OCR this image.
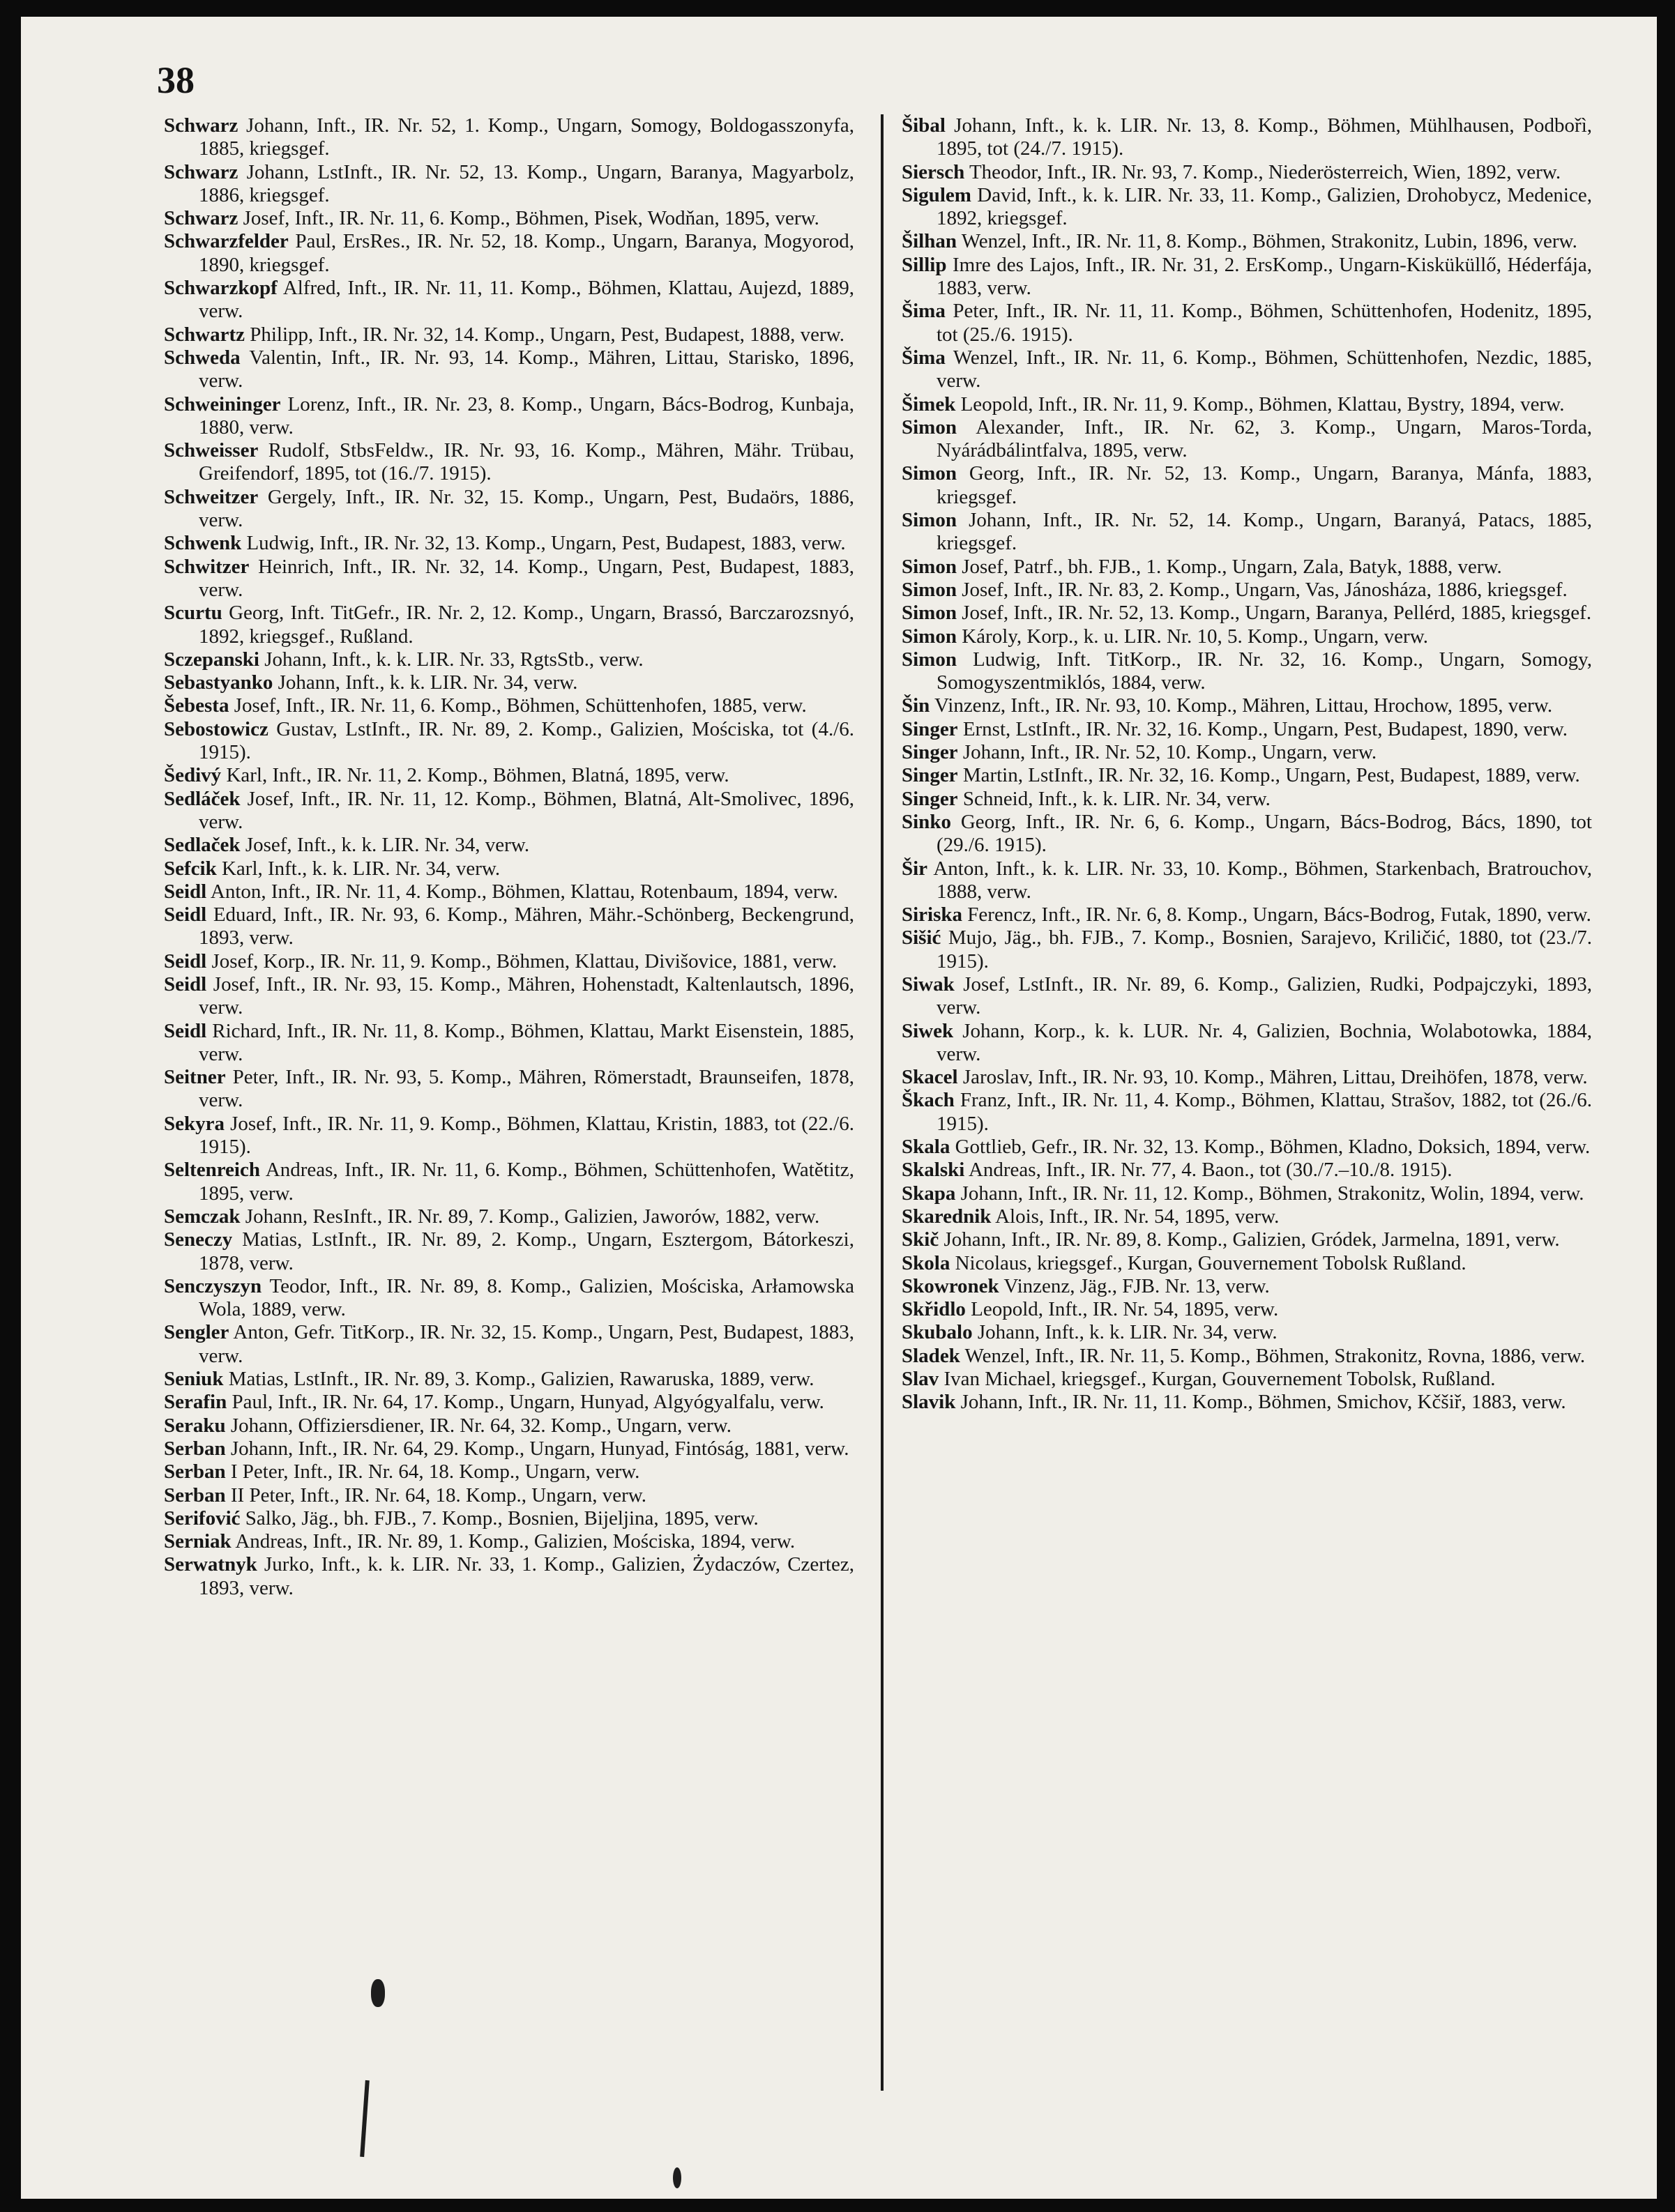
38
Schwarz Johann, Inft., IR. Nr. 52, 1. Komp., Ungarn, Somogy, Boldogasszonyfa, 1885, kriegsgef.
Schwarz Johann, LstInft., IR. Nr. 52, 13. Komp., Ungarn, Baranya, Magyarbolz, 1886, kriegsgef.
Schwarz Josef, Inft., IR. Nr. 11, 6. Komp., Böhmen, Pisek, Wodňan, 1895, verw.
Schwarzfelder Paul, ErsRes., IR. Nr. 52, 18. Komp., Ungarn, Baranya, Mogyorod, 1890, kriegsgef.
Schwarzkopf Alfred, Inft., IR. Nr. 11, 11. Komp., Böhmen, Klattau, Aujezd, 1889, verw.
Schwartz Philipp, Inft., IR. Nr. 32, 14. Komp., Ungarn, Pest, Budapest, 1888, verw.
Schweda Valentin, Inft., IR. Nr. 93, 14. Komp., Mähren, Littau, Starisko, 1896, verw.
Schweininger Lorenz, Inft., IR. Nr. 23, 8. Komp., Ungarn, Bács-Bodrog, Kunbaja, 1880, verw.
Schweisser Rudolf, StbsFeldw., IR. Nr. 93, 16. Komp., Mähren, Mähr. Trübau, Greifendorf, 1895, tot (16./7. 1915).
Schweitzer Gergely, Inft., IR. Nr. 32, 15. Komp., Ungarn, Pest, Budaörs, 1886, verw.
Schwenk Ludwig, Inft., IR. Nr. 32, 13. Komp., Ungarn, Pest, Budapest, 1883, verw.
Schwitzer Heinrich, Inft., IR. Nr. 32, 14. Komp., Ungarn, Pest, Budapest, 1883, verw.
Scurtu Georg, Inft. TitGefr., IR. Nr. 2, 12. Komp., Ungarn, Brassó, Barczarozsnyó, 1892, kriegsgef., Rußland.
Sczepanski Johann, Inft., k. k. LIR. Nr. 33, RgtsStb., verw.
Sebastyanko Johann, Inft., k. k. LIR. Nr. 34, verw.
Šebesta Josef, Inft., IR. Nr. 11, 6. Komp., Böhmen, Schüttenhofen, 1885, verw.
Sebostowicz Gustav, LstInft., IR. Nr. 89, 2. Komp., Galizien, Mościska, tot (4./6. 1915).
Šedivý Karl, Inft., IR. Nr. 11, 2. Komp., Böhmen, Blatná, 1895, verw.
Sedláček Josef, Inft., IR. Nr. 11, 12. Komp., Böhmen, Blatná, Alt-Smolivec, 1896, verw.
Sedlaček Josef, Inft., k. k. LIR. Nr. 34, verw.
Sefcik Karl, Inft., k. k. LIR. Nr. 34, verw.
Seidl Anton, Inft., IR. Nr. 11, 4. Komp., Böhmen, Klattau, Rotenbaum, 1894, verw.
Seidl Eduard, Inft., IR. Nr. 93, 6. Komp., Mähren, Mähr.-Schönberg, Beckengrund, 1893, verw.
Seidl Josef, Korp., IR. Nr. 11, 9. Komp., Böhmen, Klattau, Divišovice, 1881, verw.
Seidl Josef, Inft., IR. Nr. 93, 15. Komp., Mähren, Hohenstadt, Kaltenlautsch, 1896, verw.
Seidl Richard, Inft., IR. Nr. 11, 8. Komp., Böhmen, Klattau, Markt Eisenstein, 1885, verw.
Seitner Peter, Inft., IR. Nr. 93, 5. Komp., Mähren, Römerstadt, Braunseifen, 1878, verw.
Sekyra Josef, Inft., IR. Nr. 11, 9. Komp., Böhmen, Klattau, Kristin, 1883, tot (22./6. 1915).
Seltenreich Andreas, Inft., IR. Nr. 11, 6. Komp., Böhmen, Schüttenhofen, Watětitz, 1895, verw.
Semczak Johann, ResInft., IR. Nr. 89, 7. Komp., Galizien, Jaworów, 1882, verw.
Seneczy Matias, LstInft., IR. Nr. 89, 2. Komp., Ungarn, Esztergom, Bátorkeszi, 1878, verw.
Senczyszyn Teodor, Inft., IR. Nr. 89, 8. Komp., Galizien, Mościska, Arłamowska Wola, 1889, verw.
Sengler Anton, Gefr. TitKorp., IR. Nr. 32, 15. Komp., Ungarn, Pest, Budapest, 1883, verw.
Seniuk Matias, LstInft., IR. Nr. 89, 3. Komp., Galizien, Rawaruska, 1889, verw.
Serafin Paul, Inft., IR. Nr. 64, 17. Komp., Ungarn, Hunyad, Algyógyalfalu, verw.
Seraku Johann, Offiziersdiener, IR. Nr. 64, 32. Komp., Ungarn, verw.
Serban Johann, Inft., IR. Nr. 64, 29. Komp., Ungarn, Hunyad, Fintóság, 1881, verw.
Serban I Peter, Inft., IR. Nr. 64, 18. Komp., Ungarn, verw.
Serban II Peter, Inft., IR. Nr. 64, 18. Komp., Ungarn, verw.
Serifović Salko, Jäg., bh. FJB., 7. Komp., Bosnien, Bijeljina, 1895, verw.
Serniak Andreas, Inft., IR. Nr. 89, 1. Komp., Galizien, Mościska, 1894, verw.
Serwatnyk Jurko, Inft., k. k. LIR. Nr. 33, 1. Komp., Galizien, Żydaczów, Czertez, 1893, verw.
Šibal Johann, Inft., k. k. LIR. Nr. 13, 8. Komp., Böhmen, Mühlhausen, Podbořì, 1895, tot (24./7. 1915).
Siersch Theodor, Inft., IR. Nr. 93, 7. Komp., Niederösterreich, Wien, 1892, verw.
Sigulem David, Inft., k. k. LIR. Nr. 33, 11. Komp., Galizien, Drohobycz, Medenice, 1892, kriegsgef.
Šilhan Wenzel, Inft., IR. Nr. 11, 8. Komp., Böhmen, Strakonitz, Lubin, 1896, verw.
Sillip Imre des Lajos, Inft., IR. Nr. 31, 2. ErsKomp., Ungarn-Kisküküllő, Héderfája, 1883, verw.
Šima Peter, Inft., IR. Nr. 11, 11. Komp., Böhmen, Schüttenhofen, Hodenitz, 1895, tot (25./6. 1915).
Šima Wenzel, Inft., IR. Nr. 11, 6. Komp., Böhmen, Schüttenhofen, Nezdic, 1885, verw.
Šimek Leopold, Inft., IR. Nr. 11, 9. Komp., Böhmen, Klattau, Bystry, 1894, verw.
Simon Alexander, Inft., IR. Nr. 62, 3. Komp., Ungarn, Maros-Torda, Nyárádbálintfalva, 1895, verw.
Simon Georg, Inft., IR. Nr. 52, 13. Komp., Ungarn, Baranya, Mánfa, 1883, kriegsgef.
Simon Johann, Inft., IR. Nr. 52, 14. Komp., Ungarn, Baranyá, Patacs, 1885, kriegsgef.
Simon Josef, Patrf., bh. FJB., 1. Komp., Ungarn, Zala, Batyk, 1888, verw.
Simon Josef, Inft., IR. Nr. 83, 2. Komp., Ungarn, Vas, Jánosháza, 1886, kriegsgef.
Simon Josef, Inft., IR. Nr. 52, 13. Komp., Ungarn, Baranya, Pellérd, 1885, kriegsgef.
Simon Károly, Korp., k. u. LIR. Nr. 10, 5. Komp., Ungarn, verw.
Simon Ludwig, Inft. TitKorp., IR. Nr. 32, 16. Komp., Ungarn, Somogy, Somogyszentmiklós, 1884, verw.
Šin Vinzenz, Inft., IR. Nr. 93, 10. Komp., Mähren, Littau, Hrochow, 1895, verw.
Singer Ernst, LstInft., IR. Nr. 32, 16. Komp., Ungarn, Pest, Budapest, 1890, verw.
Singer Johann, Inft., IR. Nr. 52, 10. Komp., Ungarn, verw.
Singer Martin, LstInft., IR. Nr. 32, 16. Komp., Ungarn, Pest, Budapest, 1889, verw.
Singer Schneid, Inft., k. k. LIR. Nr. 34, verw.
Sinko Georg, Inft., IR. Nr. 6, 6. Komp., Ungarn, Bács-Bodrog, Bács, 1890, tot (29./6. 1915).
Šir Anton, Inft., k. k. LIR. Nr. 33, 10. Komp., Böhmen, Starkenbach, Bratrouchov, 1888, verw.
Siriska Ferencz, Inft., IR. Nr. 6, 8. Komp., Ungarn, Bács-Bodrog, Futak, 1890, verw.
Sišić Mujo, Jäg., bh. FJB., 7. Komp., Bosnien, Sarajevo, Kriličić, 1880, tot (23./7. 1915).
Siwak Josef, LstInft., IR. Nr. 89, 6. Komp., Galizien, Rudki, Podpajczyki, 1893, verw.
Siwek Johann, Korp., k. k. LUR. Nr. 4, Galizien, Bochnia, Wolabotowka, 1884, verw.
Skacel Jaroslav, Inft., IR. Nr. 93, 10. Komp., Mähren, Littau, Dreihöfen, 1878, verw.
Škach Franz, Inft., IR. Nr. 11, 4. Komp., Böhmen, Klattau, Strašov, 1882, tot (26./6. 1915).
Skala Gottlieb, Gefr., IR. Nr. 32, 13. Komp., Böhmen, Kladno, Doksich, 1894, verw.
Skalski Andreas, Inft., IR. Nr. 77, 4. Baon., tot (30./7.–10./8. 1915).
Skapa Johann, Inft., IR. Nr. 11, 12. Komp., Böhmen, Strakonitz, Wolin, 1894, verw.
Skarednik Alois, Inft., IR. Nr. 54, 1895, verw.
Skič Johann, Inft., IR. Nr. 89, 8. Komp., Galizien, Gródek, Jarmelna, 1891, verw.
Skola Nicolaus, kriegsgef., Kurgan, Gouvernement Tobolsk Rußland.
Skowronek Vinzenz, Jäg., FJB. Nr. 13, verw.
Skřidlo Leopold, Inft., IR. Nr. 54, 1895, verw.
Skubalo Johann, Inft., k. k. LIR. Nr. 34, verw.
Sladek Wenzel, Inft., IR. Nr. 11, 5. Komp., Böhmen, Strakonitz, Rovna, 1886, verw.
Slav Ivan Michael, kriegsgef., Kurgan, Gouvernement Tobolsk, Rußland.
Slavik Johann, Inft., IR. Nr. 11, 11. Komp., Böhmen, Smichov, Kčšiř, 1883, verw.
